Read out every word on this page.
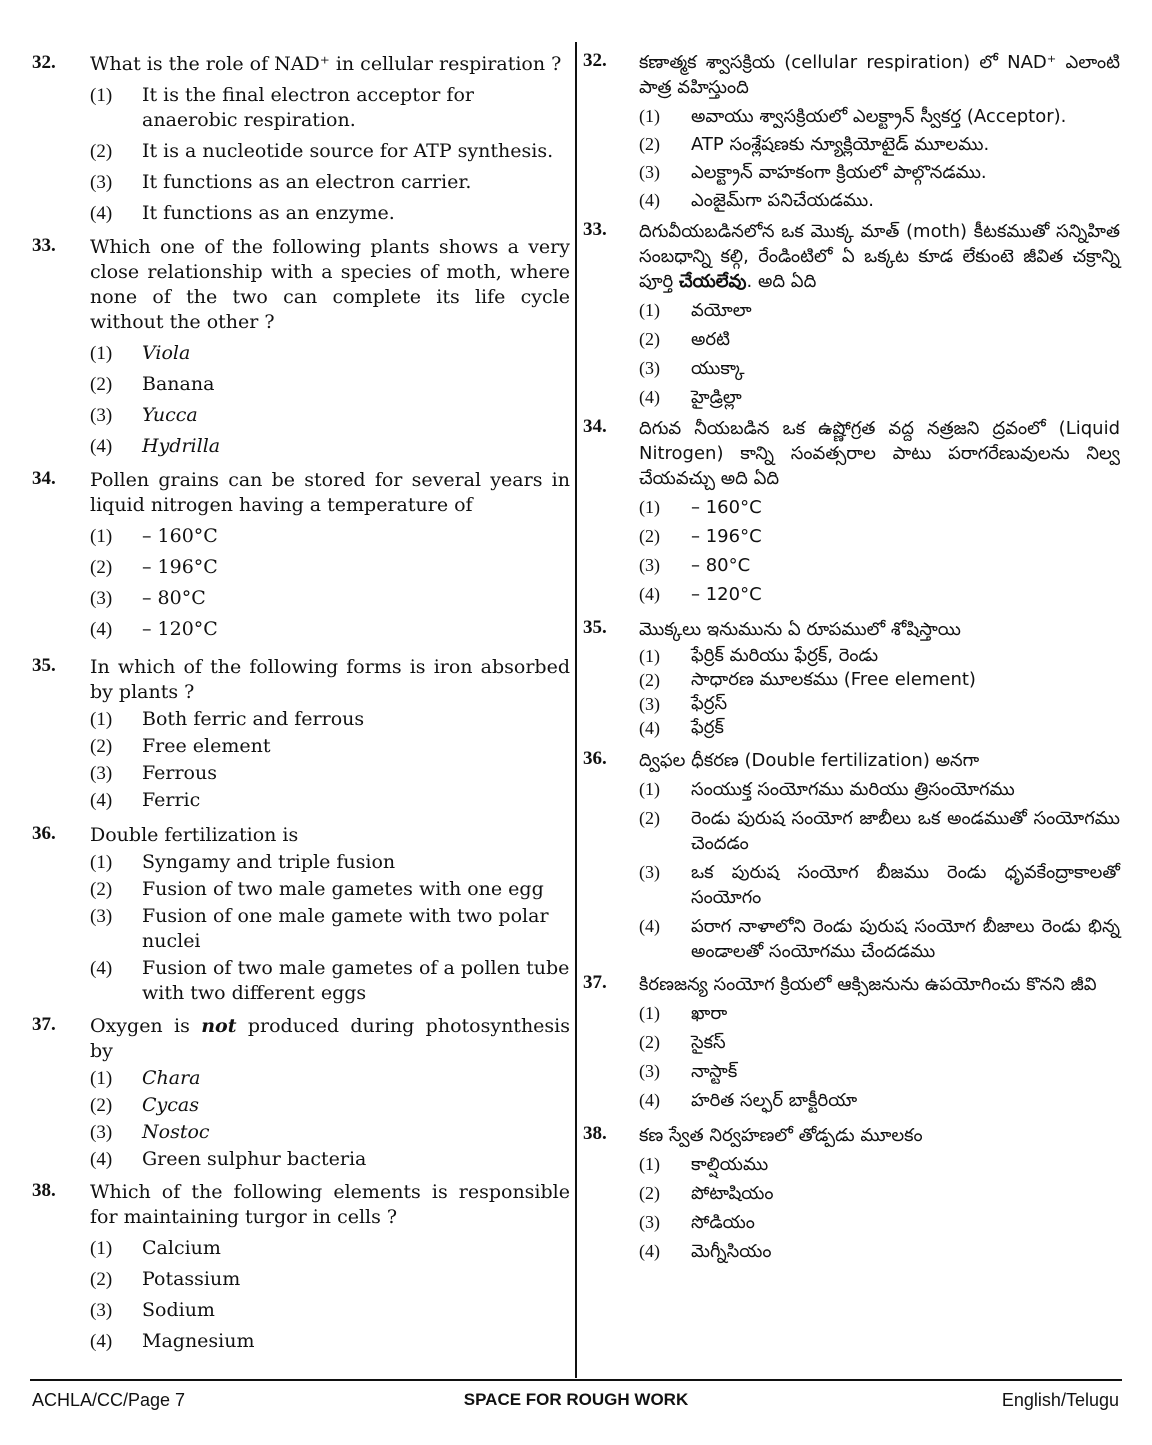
32. What is the role of NAD⁺ in cellular respiration ?
(1) It is the final electron acceptor for anaerobic respiration.
(2) It is a nucleotide source for ATP synthesis.
(3) It functions as an electron carrier.
(4) It functions as an enzyme.
33. Which one of the following plants shows a very close relationship with a species of moth, where none of the two can complete its life cycle without the other ?
(1) Viola
(2) Banana
(3) Yucca
(4) Hydrilla
34. Pollen grains can be stored for several years in liquid nitrogen having a temperature of
(1) – 160°C
(2) – 196°C
(3) – 80°C
(4) – 120°C
35. In which of the following forms is iron absorbed by plants ?
(1) Both ferric and ferrous
(2) Free element
(3) Ferrous
(4) Ferric
36. Double fertilization is
(1) Syngamy and triple fusion
(2) Fusion of two male gametes with one egg
(3) Fusion of one male gamete with two polar nuclei
(4) Fusion of two male gametes of a pollen tube with two different eggs
37. Oxygen is not produced during photosynthesis by
(1) Chara
(2) Cycas
(3) Nostoc
(4) Green sulphur bacteria
38. Which of the following elements is responsible for maintaining turgor in cells ?
(1) Calcium
(2) Potassium
(3) Sodium
(4) Magnesium
32. కణాత్మక శ్వాసక్రియ (cellular respiration) లో NAD⁺ ఎలాంటి పాత్ర వహిస్తుంది
(1) అవాయు శ్వాసక్రియలో ఎలక్ట్రాన్ స్వీకర్త (Acceptor).
(2) ATP సంశ్లేషణకు న్యూక్లియోటైడ్ మూలము.
(3) ఎలక్ట్రాన్ వాహకంగా క్రియలో పాల్గొనడము.
(4) ఎంజైమ్‌గా పనిచేయడము.
33. దిగువీయబడినలోన ఒక మొక్క మాత్ (moth) కీటకముతో సన్నిహిత సంబధాన్ని కల్గి, రేండింటిలో ఏ ఒక్కట కూడ లేకుంటె జీవిత చక్రాన్ని పూర్తి చేయలేవు. అది ఏది
(1) వయోలా
(2) అరటి
(3) యుక్కా
(4) హైడ్రిల్లా
34. దిగువ నీయబడిన ఒక ఉష్ణోగ్రత వద్ద నత్రజని ద్రవంలో (Liquid Nitrogen) కాన్ని సంవత్సరాల పాటు పరాగరేణువులను నిల్వ చేయవచ్చు అది ఏది
(1) – 160°C
(2) – 196°C
(3) – 80°C
(4) – 120°C
35. మొక్కలు ఇనుమును ఏ రూపములో శోషిస్తాయి
(1) ఫేర్రిక్ మరియు ఫేర్రక్, రెండు
(2) సాధారణ మూలకము (Free element)
(3) ఫేర్రస్
(4) ఫేర్రక్
36. ద్విఫల ధీకరణ (Double fertilization) అనగా
(1) సంయుక్త సంయోగము మరియు త్రిసంయోగము
(2) రెండు పురుష సంయోగ జాబీలు ఒక అండముతో సంయోగము చెందడం
(3) ఒక పురుష సంయోగ బీజము రెండు ధృవకేంద్రాకాలతో సంయోగం
(4) పరాగ నాళాలోని రెండు పురుష సంయోగ బీజాలు రెండు భిన్న అండాలతో సంయోగము చేందడము
37. కిరణజన్య సంయోగ క్రియలో ఆక్సిజనును ఉపయోగించు కొనని జీవి
(1) ఖారా
(2) సైకస్
(3) నాస్టాక్
(4) హరిత సల్ఫర్ బాక్టీరియా
38. కణ స్వేత నిర్వహణలో తోడ్పడు మూలకం
(1) కాల్షియము
(2) పోటాషియం
(3) సోడియం
(4) మెగ్నీసియం
ACHLA/CC/Page 7	SPACE FOR ROUGH WORK	English/Telugu
